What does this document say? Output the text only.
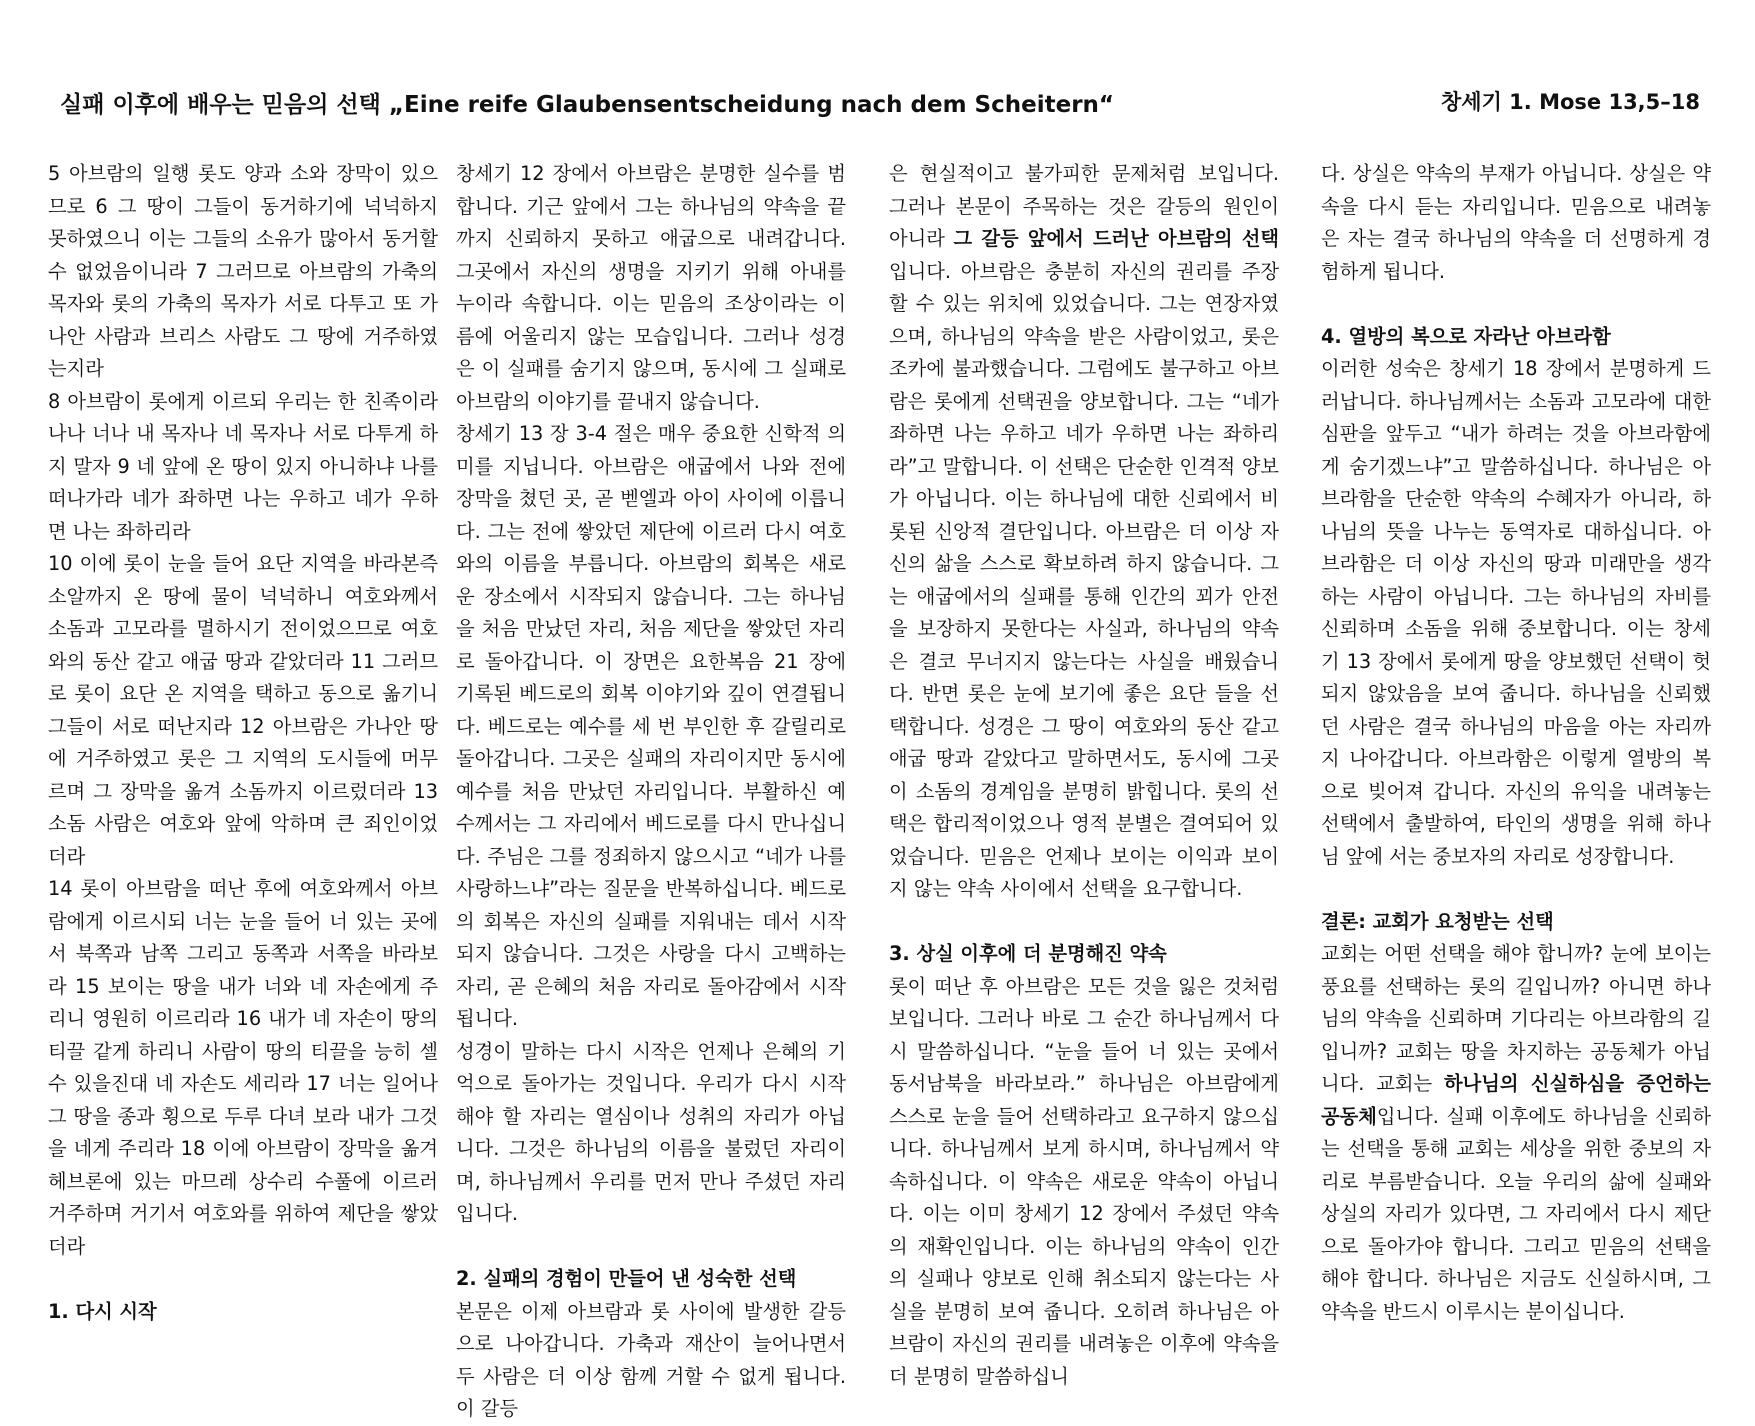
실패 이후에 배우는 믿음의 선택 „Eine reife Glaubensentscheidung nach dem Scheitern“	창세기 1. Mose 13,5–18

5 아브람의 일행 롯도 양과 소와 장막이 있으므로 6 그 땅이 그들이 동거하기에 넉넉하지 못하였으니 이는 그들의 소유가 많아서 동거할 수 없었음이니라 7 그러므로 아브람의 가축의 목자와 롯의 가축의 목자가 서로 다투고 또 가나안 사람과 브리스 사람도 그 땅에 거주하였는지라

8 아브람이 롯에게 이르되 우리는 한 친족이라 나나 너나 내 목자나 네 목자나 서로 다투게 하지 말자 9 네 앞에 온 땅이 있지 아니하냐 나를 떠나가라 네가 좌하면 나는 우하고 네가 우하면 나는 좌하리라

10 이에 롯이 눈을 들어 요단 지역을 바라본즉 소알까지 온 땅에 물이 넉넉하니 여호와께서 소돔과 고모라를 멸하시기 전이었으므로 여호와의 동산 같고 애굽 땅과 같았더라 11 그러므로 롯이 요단 온 지역을 택하고 동으로 옮기니 그들이 서로 떠난지라 12 아브람은 가나안 땅에 거주하였고 롯은 그 지역의 도시들에 머무르며 그 장막을 옮겨 소돔까지 이르렀더라 13 소돔 사람은 여호와 앞에 악하며 큰 죄인이었더라

14 롯이 아브람을 떠난 후에 여호와께서 아브람에게 이르시되 너는 눈을 들어 너 있는 곳에서 북쪽과 남쪽 그리고 동쪽과 서쪽을 바라보라 15 보이는 땅을 내가 너와 네 자손에게 주리니 영원히 이르리라 16 내가 네 자손이 땅의 티끌 같게 하리니 사람이 땅의 티끌을 능히 셀 수 있을진대 네 자손도 세리라 17 너는 일어나 그 땅을 종과 횡으로 두루 다녀 보라 내가 그것을 네게 주리라 18 이에 아브람이 장막을 옮겨 헤브론에 있는 마므레 상수리 수풀에 이르러 거주하며 거기서 여호와를 위하여 제단을 쌓았더라

1. 다시 시작

창세기 12 장에서 아브람은 분명한 실수를 범합니다. 기근 앞에서 그는 하나님의 약속을 끝까지 신뢰하지 못하고 애굽으로 내려갑니다. 그곳에서 자신의 생명을 지키기 위해 아내를 누이라 속합니다. 이는 믿음의 조상이라는 이름에 어울리지 않는 모습입니다. 그러나 성경은 이 실패를 숨기지 않으며, 동시에 그 실패로 아브람의 이야기를 끝내지 않습니다.

창세기 13 장 3-4 절은 매우 중요한 신학적 의미를 지닙니다. 아브람은 애굽에서 나와 전에 장막을 쳤던 곳, 곧 벧엘과 아이 사이에 이릅니다. 그는 전에 쌓았던 제단에 이르러 다시 여호와의 이름을 부릅니다. 아브람의 회복은 새로운 장소에서 시작되지 않습니다. 그는 하나님을 처음 만났던 자리, 처음 제단을 쌓았던 자리로 돌아갑니다. 이 장면은 요한복음 21 장에 기록된 베드로의 회복 이야기와 깊이 연결됩니다. 베드로는 예수를 세 번 부인한 후 갈릴리로 돌아갑니다. 그곳은 실패의 자리이지만 동시에 예수를 처음 만났던 자리입니다. 부활하신 예수께서는 그 자리에서 베드로를 다시 만나십니다. 주님은 그를 정죄하지 않으시고 “네가 나를 사랑하느냐”라는 질문을 반복하십니다. 베드로의 회복은 자신의 실패를 지워내는 데서 시작되지 않습니다. 그것은 사랑을 다시 고백하는 자리, 곧 은혜의 처음 자리로 돌아감에서 시작됩니다.

성경이 말하는 다시 시작은 언제나 은혜의 기억으로 돌아가는 것입니다. 우리가 다시 시작해야 할 자리는 열심이나 성취의 자리가 아닙니다. 그것은 하나님의 이름을 불렀던 자리이며, 하나님께서 우리를 먼저 만나 주셨던 자리입니다.

2. 실패의 경험이 만들어 낸 성숙한 선택

본문은 이제 아브람과 롯 사이에 발생한 갈등으로 나아갑니다. 가축과 재산이 늘어나면서 두 사람은 더 이상 함께 거할 수 없게 됩니다. 이 갈등

은 현실적이고 불가피한 문제처럼 보입니다. 그러나 본문이 주목하는 것은 갈등의 원인이 아니라 그 갈등 앞에서 드러난 아브람의 선택입니다. 아브람은 충분히 자신의 권리를 주장할 수 있는 위치에 있었습니다. 그는 연장자였으며, 하나님의 약속을 받은 사람이었고, 롯은 조카에 불과했습니다. 그럼에도 불구하고 아브람은 롯에게 선택권을 양보합니다. 그는 “네가 좌하면 나는 우하고 네가 우하면 나는 좌하리라”고 말합니다. 이 선택은 단순한 인격적 양보가 아닙니다. 이는 하나님에 대한 신뢰에서 비롯된 신앙적 결단입니다. 아브람은 더 이상 자신의 삶을 스스로 확보하려 하지 않습니다. 그는 애굽에서의 실패를 통해 인간의 꾀가 안전을 보장하지 못한다는 사실과, 하나님의 약속은 결코 무너지지 않는다는 사실을 배웠습니다. 반면 롯은 눈에 보기에 좋은 요단 들을 선택합니다. 성경은 그 땅이 여호와의 동산 같고 애굽 땅과 같았다고 말하면서도, 동시에 그곳이 소돔의 경계임을 분명히 밝힙니다. 롯의 선택은 합리적이었으나 영적 분별은 결여되어 있었습니다. 믿음은 언제나 보이는 이익과 보이지 않는 약속 사이에서 선택을 요구합니다.

3. 상실 이후에 더 분명해진 약속

롯이 떠난 후 아브람은 모든 것을 잃은 것처럼 보입니다. 그러나 바로 그 순간 하나님께서 다시 말씀하십니다. “눈을 들어 너 있는 곳에서 동서남북을 바라보라.” 하나님은 아브람에게 스스로 눈을 들어 선택하라고 요구하지 않으십니다. 하나님께서 보게 하시며, 하나님께서 약속하십니다. 이 약속은 새로운 약속이 아닙니다. 이는 이미 창세기 12 장에서 주셨던 약속의 재확인입니다. 이는 하나님의 약속이 인간의 실패나 양보로 인해 취소되지 않는다는 사실을 분명히 보여 줍니다. 오히려 하나님은 아브람이 자신의 권리를 내려놓은 이후에 약속을 더 분명히 말씀하십니

다. 상실은 약속의 부재가 아닙니다. 상실은 약속을 다시 듣는 자리입니다. 믿음으로 내려놓은 자는 결국 하나님의 약속을 더 선명하게 경험하게 됩니다.

4. 열방의 복으로 자라난 아브라함

이러한 성숙은 창세기 18 장에서 분명하게 드러납니다. 하나님께서는 소돔과 고모라에 대한 심판을 앞두고 “내가 하려는 것을 아브라함에게 숨기겠느냐”고 말씀하십니다. 하나님은 아브라함을 단순한 약속의 수혜자가 아니라, 하나님의 뜻을 나누는 동역자로 대하십니다. 아브라함은 더 이상 자신의 땅과 미래만을 생각하는 사람이 아닙니다. 그는 하나님의 자비를 신뢰하며 소돔을 위해 중보합니다. 이는 창세기 13 장에서 롯에게 땅을 양보했던 선택이 헛되지 않았음을 보여 줍니다. 하나님을 신뢰했던 사람은 결국 하나님의 마음을 아는 자리까지 나아갑니다. 아브라함은 이렇게 열방의 복으로 빚어져 갑니다. 자신의 유익을 내려놓는 선택에서 출발하여, 타인의 생명을 위해 하나님 앞에 서는 중보자의 자리로 성장합니다.

결론: 교회가 요청받는 선택

교회는 어떤 선택을 해야 합니까? 눈에 보이는 풍요를 선택하는 롯의 길입니까? 아니면 하나님의 약속을 신뢰하며 기다리는 아브라함의 길입니까? 교회는 땅을 차지하는 공동체가 아닙니다. 교회는 하나님의 신실하심을 증언하는 공동체입니다. 실패 이후에도 하나님을 신뢰하는 선택을 통해 교회는 세상을 위한 중보의 자리로 부름받습니다. 오늘 우리의 삶에 실패와 상실의 자리가 있다면, 그 자리에서 다시 제단으로 돌아가야 합니다. 그리고 믿음의 선택을 해야 합니다. 하나님은 지금도 신실하시며, 그 약속을 반드시 이루시는 분이십니다.
